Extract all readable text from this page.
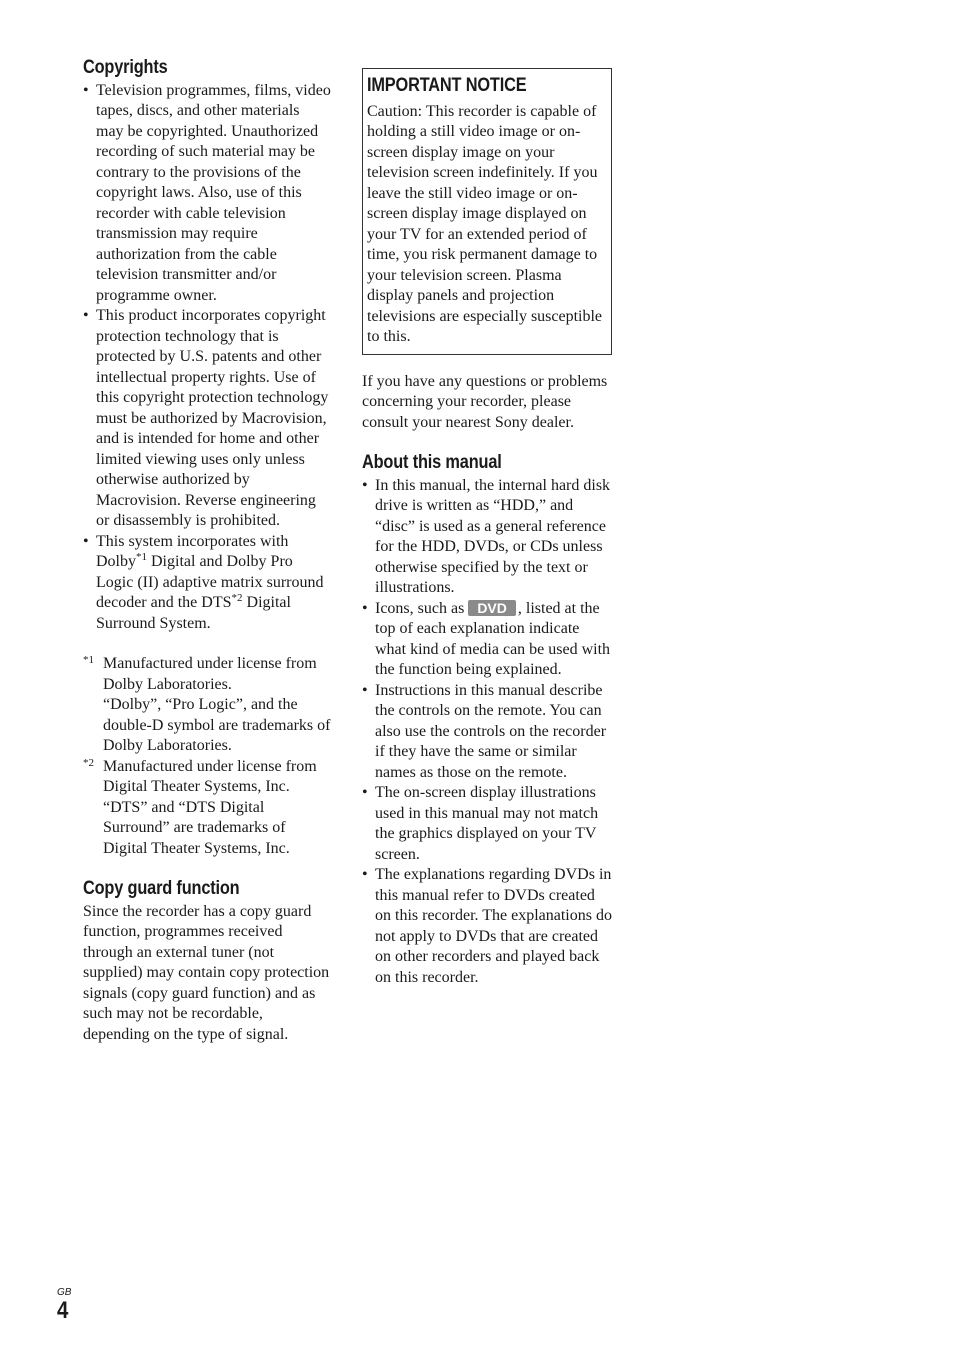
Copyrights
• Television programmes, films, video tapes, discs, and other materials may be copyrighted. Unauthorized recording of such material may be contrary to the provisions of the copyright laws. Also, use of this recorder with cable television transmission may require authorization from the cable television transmitter and/or programme owner.
• This product incorporates copyright protection technology that is protected by U.S. patents and other intellectual property rights. Use of this copyright protection technology must be authorized by Macrovision, and is intended for home and other limited viewing uses only unless otherwise authorized by Macrovision. Reverse engineering or disassembly is prohibited.
• This system incorporates with Dolby$^{*1}$ Digital and Dolby Pro Logic (II) adaptive matrix surround decoder and the DTS$^{*2}$ Digital Surround System.
*1 Manufactured under license from Dolby Laboratories.

“Dolby”, “Pro Logic”, and the double-D symbol are trademarks of Dolby Laboratories.

*2 Manufactured under license from Digital Theater Systems, Inc.

“DTS” and “DTS Digital Surround” are trademarks of Digital Theater Systems, Inc.

Copy guard function

Since the recorder has a copy guard function, programmes received through an external tuner (not supplied) may contain copy protection signals (copy guard function) and as such may not be recordable, depending on the type of signal.

IMPORTANT NOTICE

Caution: This recorder is capable of holding a still video image or on-screen display image on your television screen indefinitely. If you leave the still video image or on-screen display image displayed on your TV for an extended period of time, you risk permanent damage to your television screen. Plasma display panels and projection televisions are especially susceptible to this.

If you have any questions or problems concerning your recorder, please consult your nearest Sony dealer.

About this manual
• In this manual, the internal hard disk drive is written as “HDD,” and “disc” is used as a general reference for the HDD, DVDs, or CDs unless otherwise specified by the text or illustrations.
• Icons, such as DVD , listed at the top of each explanation indicate what kind of media can be used with the function being explained.
• Instructions in this manual describe the controls on the remote. You can also use the controls on the recorder if they have the same or similar names as those on the remote.
• The on-screen display illustrations used in this manual may not match the graphics displayed on your TV screen.
• The explanations regarding DVDs in this manual refer to DVDs created on this recorder. The explanations do not apply to DVDs that are created on other recorders and played back on this recorder.
GB
4
